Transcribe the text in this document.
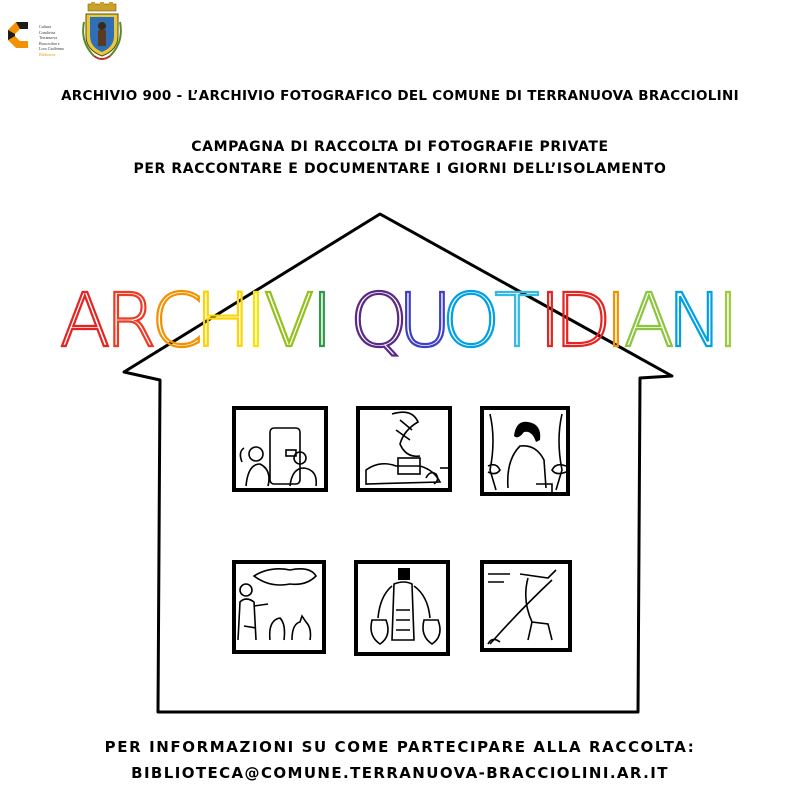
Cultura
Condivisa
Terranuova
Bracciolini e
Loro Ciuffenna
Biblioteca
ARCHIVIO 900 - L’ARCHIVIO FOTOGRAFICO DEL COMUNE DI TERRANUOVA BRACCIOLINI
CAMPAGNA DI RACCOLTA DI FOTOGRAFIE PRIVATE
PER RACCONTARE E DOCUMENTARE I GIORNI DELL’ISOLAMENTO
A
R
C
H
I
V
I Q
U
O
T I
D
I
A
N
I
PER INFORMAZIONI SU COME PARTECIPARE ALLA RACCOLTA:
BIBLIOTECA@COMUNE.TERRANUOVA-BRACCIOLINI.AR.IT
